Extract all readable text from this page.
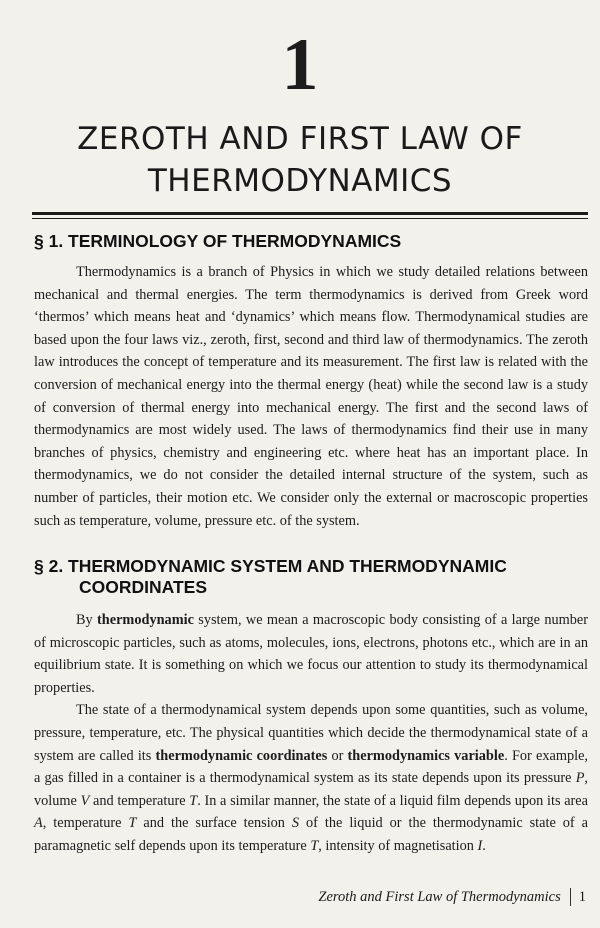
1
ZEROTH AND FIRST LAW OF
THERMODYNAMICS
§ 1. TERMINOLOGY OF THERMODYNAMICS

Thermodynamics is a branch of Physics in which we study detailed relations between mechanical and thermal energies. The term thermodynamics is derived from Greek word ‘thermos’ which means heat and ‘dynamics’ which means flow. Thermodynamical studies are based upon the four laws viz., zeroth, first, second and third law of thermodynamics. The zeroth law introduces the concept of temperature and its measurement. The first law is related with the conversion of mechanical energy into the thermal energy (heat) while the second law is a study of conversion of thermal energy into mechanical energy. The first and the second laws of thermodynamics are most widely used. The laws of thermodynamics find their use in many branches of physics, chemistry and engineering etc. where heat has an important place. In thermodynamics, we do not consider the detailed internal structure of the system, such as number of particles, their motion etc. We consider only the external or macroscopic properties such as temperature, volume, pressure etc. of the system.

§ 2. THERMODYNAMIC SYSTEM AND THERMODYNAMIC
COORDINATES

By thermodynamic system, we mean a macroscopic body consisting of a large number of microscopic particles, such as atoms, molecules, ions, electrons, photons etc., which are in an equilibrium state. It is something on which we focus our attention to study its thermodynamical properties.

The state of a thermodynamical system depends upon some quantities, such as volume, pressure, temperature, etc. The physical quantities which decide the thermodynamical state of a system are called its thermodynamic coordinates or thermodynamics variable. For example, a gas filled in a container is a thermodynamical system as its state depends upon its pressure P, volume V and temperature T. In a similar manner, the state of a liquid film depends upon its area A, temperature T and the surface tension S of the liquid or the thermodynamic state of a paramagnetic self depends upon its temperature T, intensity of magnetisation I.

Zeroth and First Law of Thermodynamics 1
